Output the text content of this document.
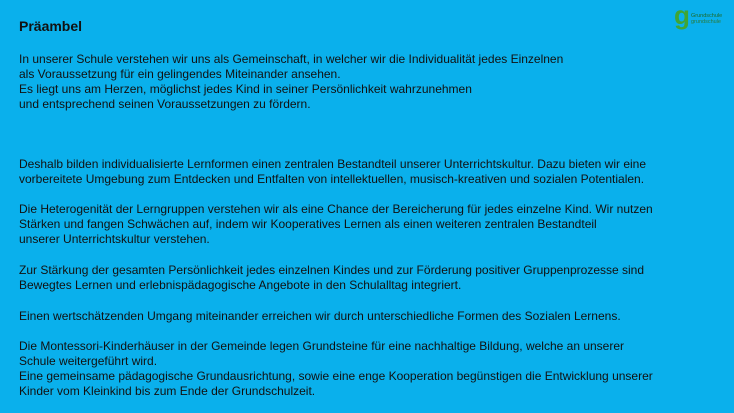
Präambel	g Grundschule
grundschule

In unserer Schule verstehen wir uns als Gemeinschaft, in welcher wir die Individualität jedes Einzelnen
als Voraussetzung für ein gelingendes Miteinander ansehen.
Es liegt uns am Herzen, möglichst jedes Kind in seiner Persönlichkeit wahrzunehmen
und entsprechend seinen Voraussetzungen zu fördern.

Deshalb bilden individualisierte Lernformen einen zentralen Bestandteil unserer Unterrichtskultur. Dazu bieten wir eine
vorbereitete Umgebung zum Entdecken und Entfalten von intellektuellen, musisch-kreativen und sozialen Potentialen.

Die Heterogenität der Lerngruppen verstehen wir als eine Chance der Bereicherung für jedes einzelne Kind. Wir nutzen
Stärken und fangen Schwächen auf, indem wir Kooperatives Lernen als einen weiteren zentralen Bestandteil
unserer Unterrichtskultur verstehen.

Zur Stärkung der gesamten Persönlichkeit jedes einzelnen Kindes und zur Förderung positiver Gruppenprozesse sind
Bewegtes Lernen und erlebnispädagogische Angebote in den Schulalltag integriert.

Einen wertschätzenden Umgang miteinander erreichen wir durch unterschiedliche Formen des Sozialen Lernens.

Die Montessori-Kinderhäuser in der Gemeinde legen Grundsteine für eine nachhaltige Bildung, welche an unserer
Schule weitergeführt wird.
Eine gemeinsame pädagogische Grundausrichtung, sowie eine enge Kooperation begünstigen die Entwicklung unserer
Kinder vom Kleinkind bis zum Ende der Grundschulzeit.
